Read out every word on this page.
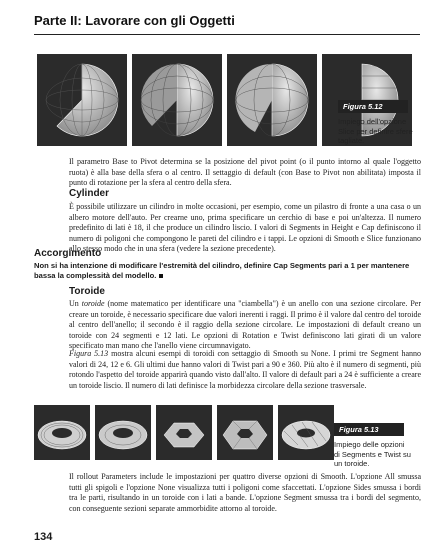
Parte II: Lavorare con gli Oggetti
Figura 5.12
Impiego dell'opzione Slice per definire sfere tagliate.
Il parametro Base to Pivot determina se la posizione del pivot point (o il punto intorno al quale l'oggetto ruota) è alla base della sfera o al centro. Il settaggio di default (con Base to Pivot non abilitata) imposta il punto di rotazione per la sfera al centro della sfera.
Cylinder
È possibile utilizzare un cilindro in molte occasioni, per esempio, come un pilastro di fronte a una casa o un albero motore dell'auto. Per crearne uno, prima specificare un cerchio di base e poi un'altezza. Il numero predefinito di lati è 18, il che produce un cilindro liscio. I valori di Segments in Height e Cap definiscono il numero di poligoni che compongono le pareti del cilindro e i tappi. Le opzioni di Smooth e Slice funzionano allo stesso modo che in una sfera (vedere la sezione precedente).
Accorgimento
Non si ha intenzione di modificare l'estremità del cilindro, definire Cap Segments pari a 1 per mantenere bassa la complessità del modello.
Toroide
Un toroide (nome matematico per identificare una "ciambella") è un anello con una sezione circolare. Per creare un toroide, è necessario specificare due valori inerenti i raggi. Il primo è il valore dal centro del toroide al centro dell'anello; il secondo è il raggio della sezione circolare. Le impostazioni di default creano un toroide con 24 segmenti e 12 lati. Le opzioni di Rotation e Twist definiscono lati girati di un valore specificato man mano che l'anello viene circumnavigato.
Figura 5.13 mostra alcuni esempi di toroidi con settaggio di Smooth su None. I primi tre Segment hanno valori di 24, 12 e 6. Gli ultimi due hanno valori di Twist pari a 90 e 360. Più alto è il numero di segmenti, più rotondo l'aspetto del toroide apparirà quando visto dall'alto. Il valore di default pari a 24 è sufficiente a creare un toroide liscio. Il numero di lati definisce la morbidezza circolare della sezione trasversale.
Figura 5.13
Impiego delle opzioni di Segments e Twist su un toroide.
Il rollout Parameters include le impostazioni per quattro diverse opzioni di Smooth. L'opzione All smussa tutti gli spigoli e l'opzione None visualizza tutti i poligoni come sfaccettati. L'opzione Sides smussa i bordi tra le parti, risultando in un toroide con i lati a bande. L'opzione Segment smussa tra i bordi del segmento, con conseguente sezioni separate ammorbidite attorno al toroide.
134
